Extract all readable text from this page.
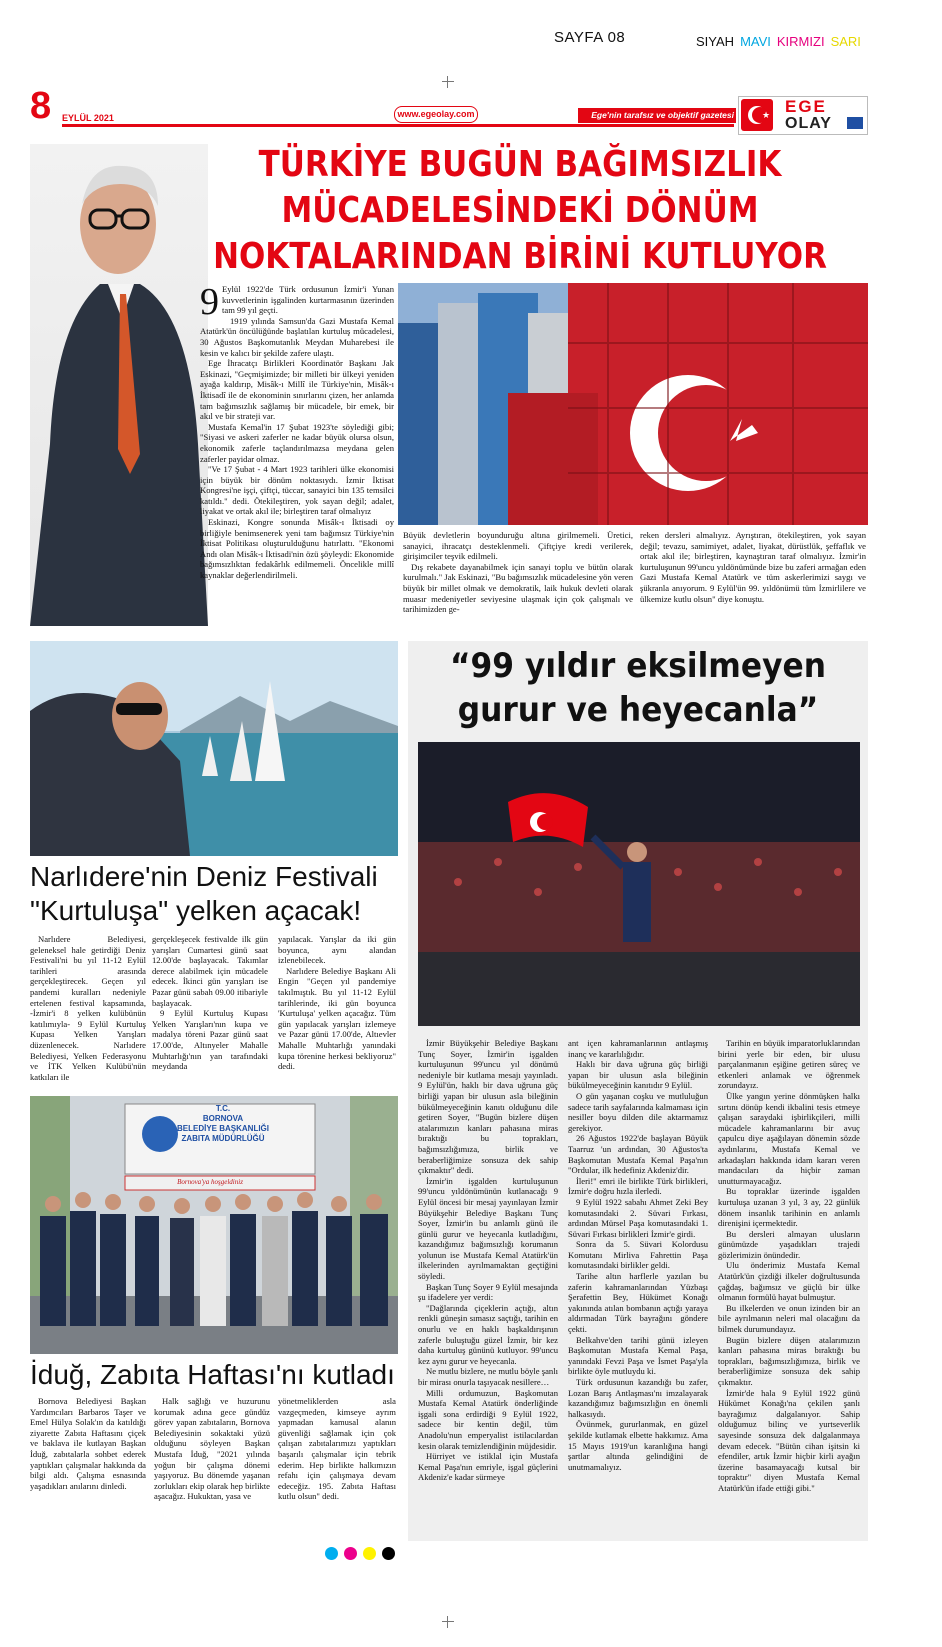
SAYFA 08	SIYAH MAVI KIRMIZI SARI
8 EYLÜL 2021	www.egeolay.com	Ege'nin tarafsız ve objektif gazetesi	★ EGE
OLAY
TÜRKİYE BUGÜN BAĞIMSIZLIK
MÜCADELESİNDEKİ DÖNÜM
NOKTALARINDAN BİRİNİ KUTLUYOR
9 Eylül 1922'de Türk ordusunun İzmir'i Yunan kuvvetlerinin işgalinden kurtarmasının üzerinden tam 99 yıl geçti.

1919 yılında Samsun'da Gazi Mustafa Kemal Atatürk'ün öncülüğünde başlatılan kurtuluş mücadelesi, 30 Ağustos Başkomutanlık Meydan Muharebesi ile kesin ve kalıcı bir şekilde zafere ulaştı.

Ege İhracatçı Birlikleri Koordinatör Başkanı Jak Eskinazi, "Geçmişimizde; bir milleti bir ülkeyi yeniden ayağa kaldırıp, Misâk-ı Millî ile Türkiye'nin, Misâk-ı İktisadî ile de ekonominin sınırlarını çizen, her anlamda tam bağımsızlık sağlamış bir mücadele, bir emek, bir akıl ve bir strateji var.

Mustafa Kemal'in 17 Şubat 1923'te söylediği gibi; "Siyasi ve askeri zaferler ne kadar büyük olursa olsun, ekonomik zaferle taçlandırılmazsa meydana gelen zaferler payidar olmaz.

"Ve 17 Şubat - 4 Mart 1923 tarihleri ülke ekonomisi için büyük bir dönüm noktasıydı. İzmir İktisat Kongresi'ne işçi, çiftçi, tüccar, sanayici bin 135 temsilci katıldı." dedi. Ötekileştiren, yok sayan değil; adalet, liyakat ve ortak akıl ile; birleştiren taraf olmalıyız

Eskinazi, Kongre sonunda Misâk-ı İktisadi oy birliğiyle benimsenerek yeni tam bağımsız Türkiye'nin İktisat Politikası oluşturulduğunu hatırlattı. "Ekonomi Andı olan Misâk-ı İktisadi'nin özü şöyleydi: Ekonomide bağımsızlıktan fedakârlık edilmemeli. Öncelikle millî kaynaklar değerlendirilmeli.

Büyük devletlerin boyunduruğu altına girilmemeli. Üretici, sanayici, ihracatçı desteklenmeli. Çiftçiye kredi verilerek, girişimciler teşvik edilmeli.

Dış rekabete dayanabilmek için sanayi toplu ve bütün olarak kurulmalı." Jak Eskinazi, "Bu bağımsızlık mücadelesine yön veren büyük bir millet olmak ve demokratik, laik hukuk devleti olarak muasır medeniyetler seviyesine ulaşmak için çok çalışmalı ve tarihimizden ge-

reken dersleri almalıyız. Ayrıştıran, ötekileştiren, yok sayan değil; tevazu, samimiyet, adalet, liyakat, dürüstlük, şeffaflık ve ortak akıl ile; birleştiren, kaynaştıran taraf olmalıyız. İzmir'in kurtuluşunun 99'uncu yıldönümünde bize bu zaferi armağan eden Gazi Mustafa Kemal Atatürk ve tüm askerlerimizi saygı ve şükranla anıyorum. 9 Eylül'ün 99. yıldönümü tüm İzmirlilere ve ülkemize kutlu olsun" diye konuştu.

Narlıdere'nin Deniz Festivali
"Kurtuluşa" yelken açacak!

Narlıdere Belediyesi, geleneksel hale getirdiği Deniz Festivali'ni bu yıl 11-12 Eylül tarihleri arasında gerçekleştirecek. Geçen yıl pandemi kuralları nedeniyle ertelenen festival kapsamında, -İzmir'i 8 yelken kulübünün katılımıyla- 9 Eylül Kurtuluş Kupası Yelken Yarışları düzenlenecek. Narlıdere Belediyesi, Yelken Federasyonu ve İTK Yelken Kulübü'nün katkıları ile

gerçekleşecek festivalde ilk gün yarışları Cumartesi günü saat 12.00'de başlayacak. Takımlar derece alabilmek için mücadele edecek. İkinci gün yarışları ise Pazar günü sabah 09.00 itibariyle başlayacak.

9 Eylül Kurtuluş Kupası Yelken Yarışları'nın kupa ve madalya töreni Pazar günü saat 17.00'de, Altınyeler Mahalle Muhtarlığı'nın yan tarafındaki meydanda

yapılacak. Yarışlar da iki gün boyunca, aynı alandan izlenebilecek.

Narlıdere Belediye Başkanı Ali Engin "Geçen yıl pandemiye takılmıştık. Bu yıl 11-12 Eylül tarihlerinde, iki gün boyunca 'Kurtuluşa' yelken açacağız. Tüm gün yapılacak yarışları izlemeye ve Pazar günü 17.00'de, Altıevler Mahalle Muhtarlığı yanındaki kupa törenine herkesi bekliyoruz" dedi.

T.C.
BORNOVA
BELEDİYE BAŞKANLIĞI
ZABITA MÜDÜRLÜĞÜ
Bornova'ya hoşgeldiniz
İduğ, Zabıta Haftası'nı kutladı

Bornova Belediyesi Başkan Yardımcıları Barbaros Taşer ve Emel Hülya Solak'ın da katıldığı ziyarette Zabıta Haftasını çiçek ve baklava ile kutlayan Başkan İduğ, zabıtalarla sohbet ederek yaptıkları çalışmalar hakkında da bilgi aldı. Çalışma esnasında yaşadıkları anılarını dinledi.

Halk sağlığı ve huzurunu korumak adına gece gündüz görev yapan zabıtaların, Bornova Belediyesinin sokaktaki yüzü olduğunu söyleyen Başkan Mustafa İduğ, "2021 yılında yoğun bir çalışma dönemi yaşıyoruz. Bu dönemde yaşanan zorlukları ekip olarak hep birlikte aşacağız. Hukuktan, yasa ve

yönetmeliklerden asla vazgeçmeden, kimseye ayrım yapmadan kamusal alanın güvenliği sağlamak için çok çalışan zabıtalarımızı yaptıkları başarılı çalışmalar için tebrik ederim. Hep birlikte halkımızın refahı için çalışmaya devam edeceğiz. 195. Zabıta Haftası kutlu olsun" dedi.

“99 yıldır eksilmeyen
gurur ve heyecanla”

İzmir Büyükşehir Belediye Başkanı Tunç Soyer, İzmir'in işgalden kurtuluşunun 99'uncu yıl dönümü nedeniyle bir kutlama mesajı yayınladı. 9 Eylül'ün, haklı bir dava uğruna güç birliği yapan bir ulusun asla bileğinin bükülmeyeceğinin kanıtı olduğunu dile getiren Soyer, "Bugün bizlere düşen atalarımızın kanları pahasına miras bıraktığı bu toprakları, bağımsızlığımıza, birlik ve beraberliğimize sonsuza dek sahip çıkmaktır" dedi.

İzmir'in işgalden kurtuluşunun 99'uncu yıldönümünün kutlanacağı 9 Eylül öncesi bir mesaj yayınlayan İzmir Büyükşehir Belediye Başkanı Tunç Soyer, İzmir'in bu anlamlı günü ile günlü gurur ve heyecanla kutladığını, kazandığımız bağımsızlığı korumanın yolunun ise Mustafa Kemal Atatürk'ün ilkelerinden ayrılmamaktan geçtiğini söyledi.

Başkan Tunç Soyer 9 Eylül mesajında şu ifadelere yer verdi:

"Dağlarında çiçeklerin açtığı, altın renkli güneşin sımasız saçtığı, tarihin en onurlu ve en haklı başkaldırışının zaferle buluştuğu güzel İzmir, bir kez daha kurtuluş gününü kutluyor. 99'uncu kez aynı gurur ve heyecanla.

Ne mutlu bizlere, ne mutlu böyle şanlı bir mirası onurla taşıyacak nesillere…

Milli ordumuzun, Başkomutan Mustafa Kemal Atatürk önderliğinde işgali sona erdirdiği 9 Eylül 1922, sadece bir kentin değil, tüm Anadolu'nun emperyalist istilacılardan kesin olarak temizlendiğinin müjdesidir.

Hürriyet ve istiklal için Mustafa Kemal Paşa'nın emriyle, işgal güçlerini Akdeniz'e kadar sürmeye

ant içen kahramanlarının antlaşmış inanç ve kararlılığıdır.

Haklı bir dava uğruna güç birliği yapan bir ulusun asla bileğinin bükülmeyeceğinin kanıtıdır 9 Eylül.

O gün yaşanan coşku ve mutluluğun sadece tarih sayfalarında kalmaması için nesiller boyu dilden dile aktarmamız gerekiyor.

26 Ağustos 1922'de başlayan Büyük Taarruz 'un ardından, 30 Ağustos'ta Başkomutan Mustafa Kemal Paşa'nın "Ordular, ilk hedefiniz Akdeniz'dir.

İleri!" emri ile birlikte Türk birlikleri, İzmir'e doğru hızla ilerledi.

9 Eylül 1922 sabahı Ahmet Zeki Bey komutasındaki 2. Süvari Fırkası, ardından Mürsel Paşa komutasındaki 1. Süvari Fırkası birlikleri İzmir'e girdi.

Sonra da 5. Süvari Kolordusu Komutanı Mirliva Fahrettin Paşa komutasındaki birlikler geldi.

Tarihe altın harflerle yazılan bu zaferin kahramanlarından Yüzbaşı Şerafettin Bey, Hükümet Konağı yakınında atılan bombanın açtığı yaraya aldırmadan Türk bayrağını göndere çekti.

Belkahve'den tarihi günü izleyen Başkomutan Mustafa Kemal Paşa, yanındaki Fevzi Paşa ve İsmet Paşa'yla birlikte öyle mutluydu ki.

Türk ordusunun kazandığı bu zafer, Lozan Barış Antlaşması'nı imzalayarak kazandığımız bağımsızlığın en önemli halkasıydı.

Övünmek, gururlanmak, en güzel şekilde kutlamak elbette hakkımız. Ama 15 Mayıs 1919'un karanlığına hangi şartlar altında gelindiğini de unutmamalıyız.

Tarihin en büyük imparatorluklarından birini yerle bir eden, bir ulusu parçalanmanın eşiğine getiren süreç ve etkenleri anlamak ve öğrenmek zorundayız.

Ülke yangın yerine dönmüşken halkı sırtını dönüp kendi ikbalini tesis etmeye çalışan saraydaki işbirlikçileri, milli mücadele kahramanlarını bir avuç çapulcu diye aşağılayan dönemin sözde aydınlarını, Mustafa Kemal ve arkadaşları hakkında idam kararı veren mandacıları da hiçbir zaman unutturmayacağız.

Bu topraklar üzerinde işgalden kurtuluşa uzanan 3 yıl, 3 ay, 22 günlük dönem insanlık tarihinin en anlamlı direnişini içermektedir.

Bu dersleri almayan ulusların günümüzde yaşadıkları trajedi gözlerimizin önündedir.

Ulu önderimiz Mustafa Kemal Atatürk'ün çizdiği ilkeler doğrultusunda çağdaş, bağımsız ve güçlü bir ülke olmanın formülü hayat bulmuştur.

Bu ilkelerden ve onun izinden bir an bile ayrılmanın neleri mal olacağını da bilmek durumundayız.

Bugün bizlere düşen atalarımızın kanları pahasına miras bıraktığı bu toprakları, bağımsızlığımıza, birlik ve beraberliğimize sonsuza dek sahip çıkmaktır.

İzmir'de hala 9 Eylül 1922 günü Hükümet Konağı'na çekilen şanlı bayrağımız dalgalanıyor. Sahip olduğumuz bilinç ve yurtseverlik sayesinde sonsuza dek dalgalanmaya devam edecek. "Bütün cihan işitsin ki efendiler, artık İzmir hiçbir kirli ayağın üzerine basamayacağı kutsal bir topraktır" diyen Mustafa Kemal Atatürk'ün ifade ettiği gibi."
